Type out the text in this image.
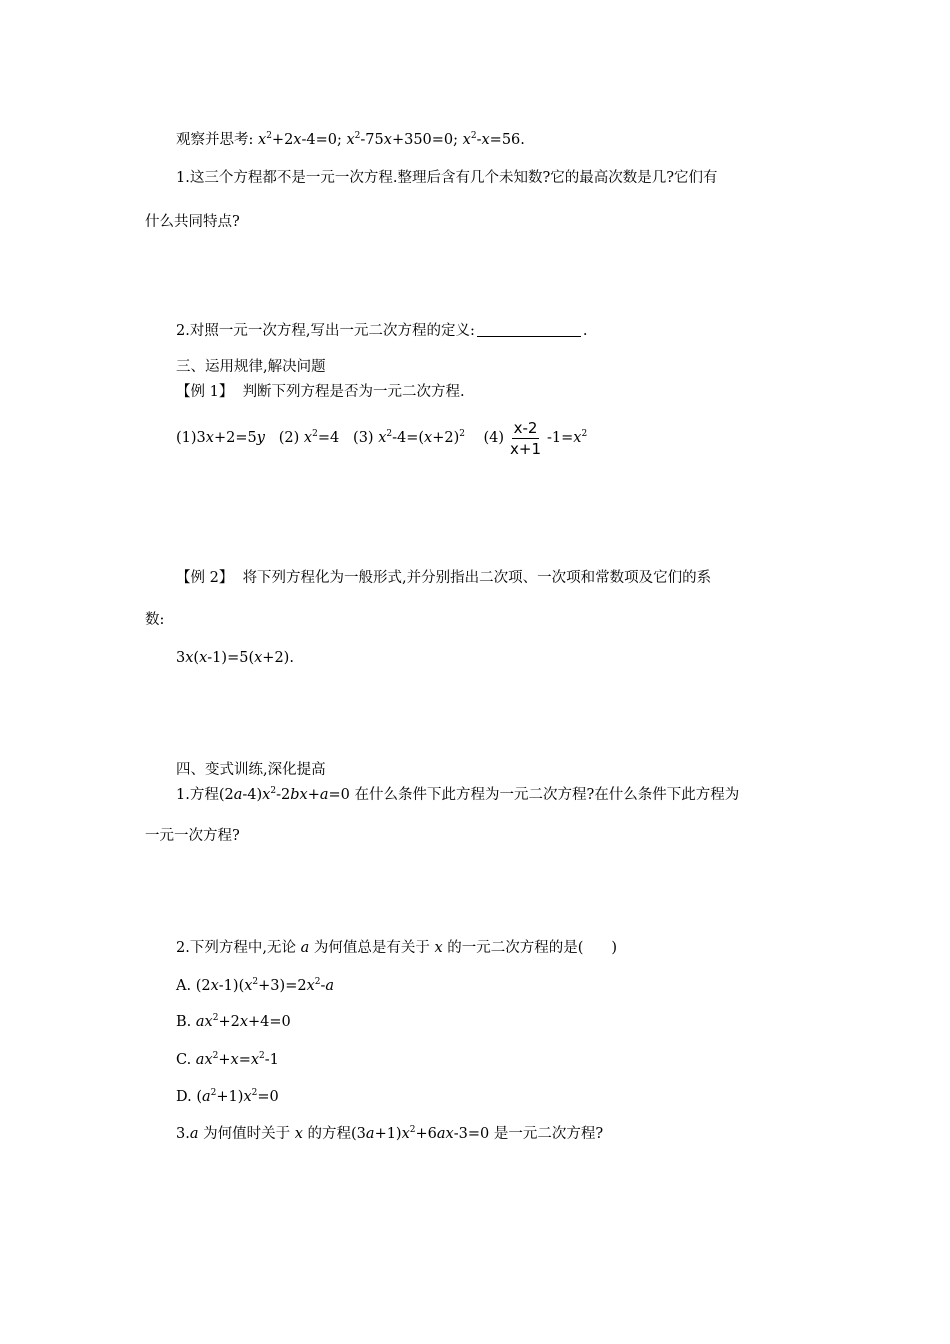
观察并思考: $x^2+2x-4=0$; $x^2-75x+350=0$; $x^2-x=56$.
1.这三个方程都不是一元一次方程.整理后含有几个未知数?它的最高次数是几?它们有
什么共同特点?
2.对照一元一次方程,写出一元二次方程的定义:	.
三、运用规律,解决问题
【例 1】 判断下列方程是否为一元二次方程.
(1)3x+2=5y (2) $x^2=4$ (3) $x^2-4=(x+2)^2$ $(4) \frac{x-2}{x+1} -1=x^2$
【例 2】 将下列方程化为一般形式,并分别指出二次项、一次项和常数项及它们的系
数:
3x(x-1)=5(x+2).
四、变式训练,深化提高
1.方程$(2a-4)x^2-2bx+a=0$ 在什么条件下此方程为一元二次方程?在什么条件下此方程为
一元一次方程?
2.下列方程中,无论 a 为何值总是有关于 x 的一元二次方程的是( )
A. $(2x-1)(x^2+3)=2x^2-a$
B. $ax^2+2x+4=0$
C. $ax^2+x=x^2-1$
D. $(a^2+1)x^2=0$
3.a 为何值时关于 x 的方程$(3a+1)x^2+6ax-3=0$ 是一元二次方程?
